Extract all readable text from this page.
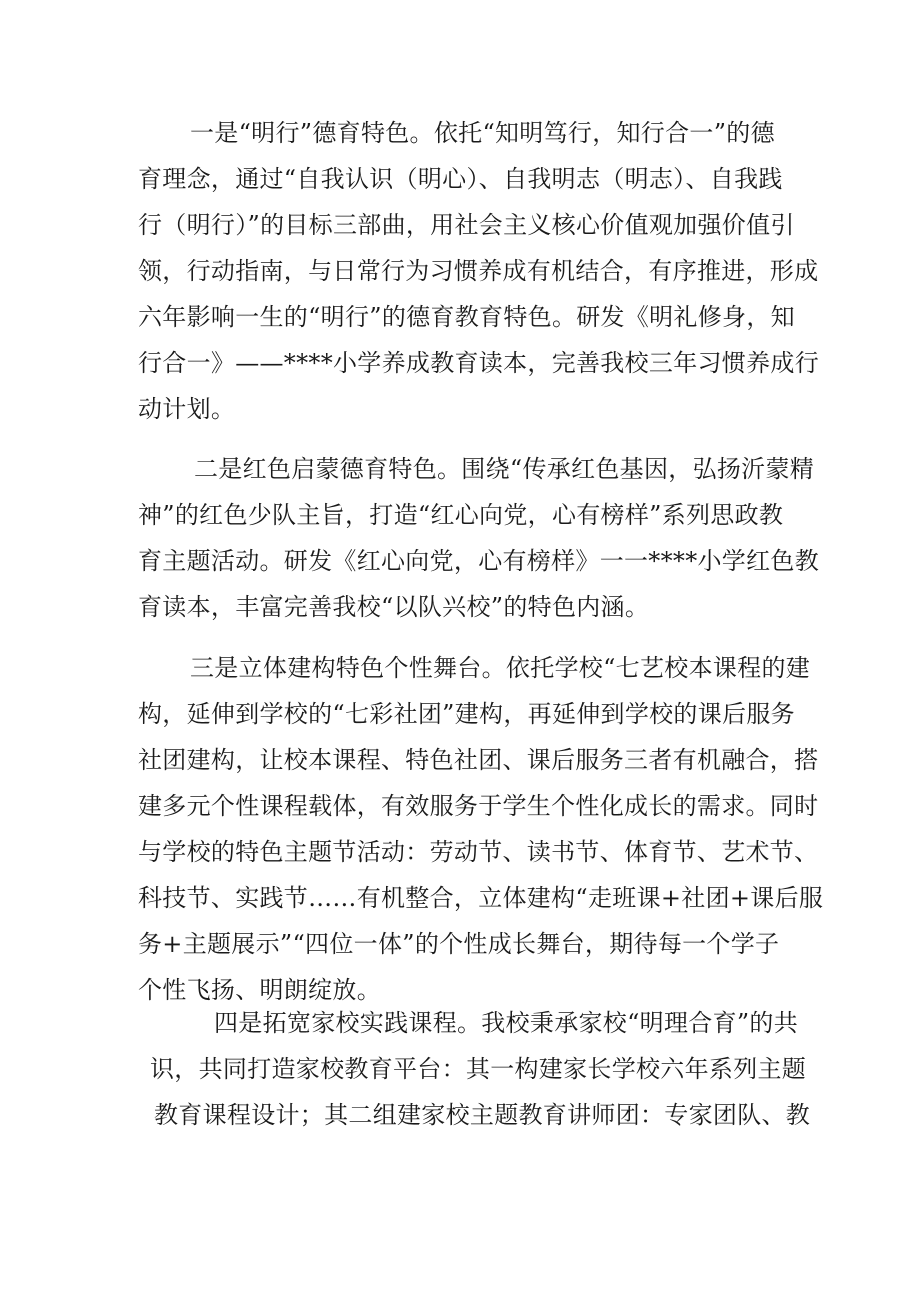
一是“明行”德育特色。依托“知明笃行，知行合一”的德
育理念，通过“自我认识（明心）、自我明志（明志）、自我践
行（明行）”的目标三部曲，用社会主义核心价值观加强价值引
领，行动指南，与日常行为习惯养成有机结合，有序推进，形成
六年影响一生的“明行”的德育教育特色。研发《明礼修身，知
行合一》——****小学养成教育读本，完善我校三年习惯养成行
动计划。
二是红色启蒙德育特色。围绕“传承红色基因，弘扬沂蒙精
神”的红色少队主旨，打造“红心向党，心有榜样”系列思政教
育主题活动。研发《红心向党，心有榜样》一一****小学红色教
育读本，丰富完善我校“以队兴校”的特色内涵。
三是立体建构特色个性舞台。依托学校“七艺校本课程的建
构，延伸到学校的“七彩社团”建构，再延伸到学校的课后服务
社团建构，让校本课程、特色社团、课后服务三者有机融合，搭
建多元个性课程载体，有效服务于学生个性化成长的需求。同时
与学校的特色主题节活动：劳动节、读书节、体育节、艺术节、
科技节、实践节……有机整合，立体建构“走班课+社团+课后服
务+主题展示”“四位一体”的个性成长舞台，期待每一个学子
个性飞扬、明朗绽放。
四是拓宽家校实践课程。我校秉承家校“明理合育”的共
识，共同打造家校教育平台：其一构建家长学校六年系列主题
教育课程设计；其二组建家校主题教育讲师团：专家团队、教
